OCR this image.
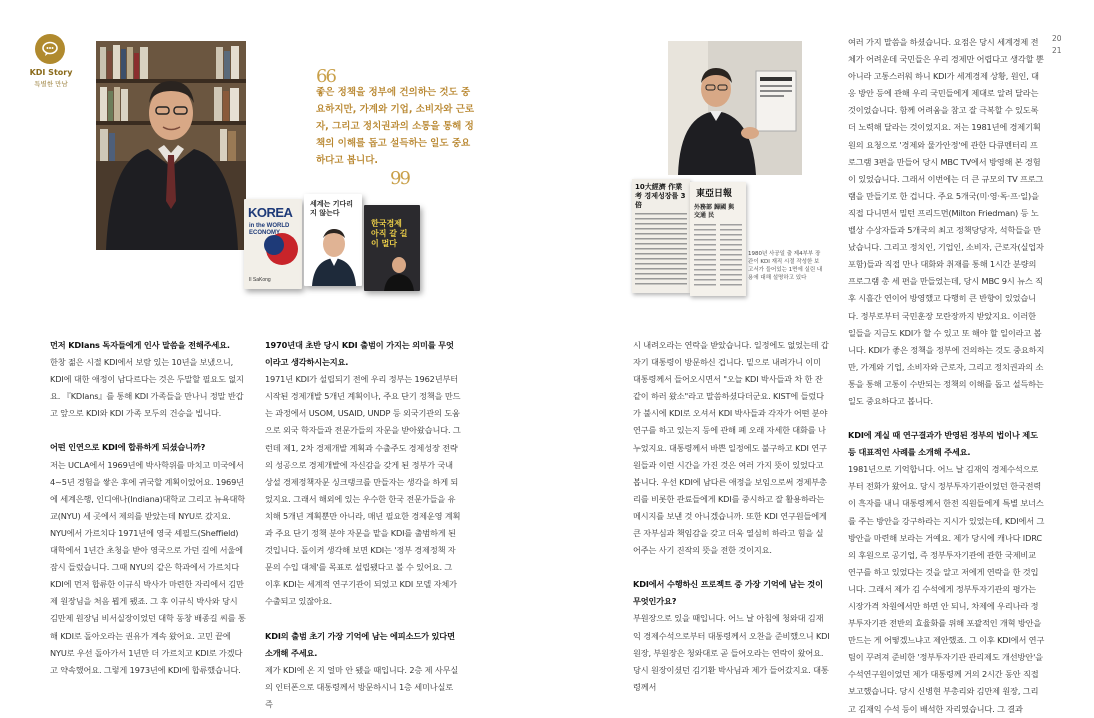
KDI Story
특별한 만남
20
21
66
좋은 정책을 정부에 건의하는 것도 중요하지만, 가계와 기업, 소비자와 근로자, 그리고 정치권과의 소통을 통해 정책의 이해를 돕고 설득하는 일도 중요하다고 봅니다.
99
KOREA
in the WORLD ECONOMY
Il SaKong
세계는 기다리지 않는다
한국경제 아직 갈 길이 멀다
10大經濟 作業 考 경제성장률 3倍
東亞日報
外務部 歸國 與 交通 民
1980년 사공일 출 제4부부 장관이 KDI 재직 시절 작성한 보고서가 들어있는 1면에 실린 내용에 대해 설명하고 있다

먼저 KDIans 독자들에게 인사 말씀을 전해주세요.

한창 젊은 시절 KDI에서 보람 있는 10년을 보냈으니, KDI에 대한 애정이 남다르다는 것은 두말할 필요도 없지요. 『KDIans』를 통해 KDI 가족들을 만나니 정말 반갑고 앞으로 KDI와 KDI 가족 모두의 건승을 빕니다.

어떤 인연으로 KDI에 합류하게 되셨습니까?

저는 UCLA에서 1969년에 박사학위를 마치고 미국에서 4~5년 경험을 쌓은 후에 귀국할 계획이었어요. 1969년에 세계은행, 인디애나(Indiana)대학교 그리고 뉴욕대학교(NYU) 세 곳에서 제의를 받았는데 NYU로 갔지요. NYU에서 가르치다 1971년에 영국 셰필드(Sheffield)대학에서 1년간 초청을 받아 영국으로 가던 길에 서울에 잠시 들렀습니다. 그때 NYU의 같은 학과에서 가르치다 KDI에 먼저 합류한 이규식 박사가 마련한 자리에서 김만제 원장님을 처음 뵙게 됐죠. 그 후 이규식 박사와 당시 김만제 원장님 비서실장이었던 대학 동창 배종길 씨를 통해 KDI로 돌아오라는 권유가 계속 왔어요. 고민 끝에 NYU로 우선 돌아가서 1년만 더 가르치고 KDI로 가겠다고 약속했어요. 그렇게 1973년에 KDI에 합류했습니다.

1970년대 초반 당시 KDI 출범이 가지는 의미를 무엇이라고 생각하시는지요.

1971년 KDI가 설립되기 전에 우리 정부는 1962년부터 시작된 경제개발 5개년 계획이나, 주요 단기 정책을 만드는 과정에서 USOM, USAID, UNDP 등 외국기관의 도움으로 외국 학자들과 전문가들의 자문을 받아왔습니다. 그런데 제1, 2차 경제개발 계획과 수출주도 경제성장 전략의 성공으로 경제개발에 자신감을 갖게 된 정부가 국내 상설 경제정책자문 싱크탱크를 만들자는 생각을 하게 되었지요. 그래서 해외에 있는 우수한 한국 전문가들을 유치해 5개년 계획뿐만 아니라, 매년 필요한 경제운영 계획과 주요 단기 정책 분야 자문을 맡을 KDI를 출범하게 된 것입니다. 돌이켜 생각해 보면 KDI는 '정부 경제정책 자문의 수입 대체'를 목표로 설립됐다고 볼 수 있어요. 그 이후 KDI는 세계적 연구기관이 되었고 KDI 모델 자체가 수출되고 있잖아요.

KDI의 출범 초기 가장 기억에 남는 에피소드가 있다면 소개해 주세요.

제가 KDI에 온 지 얼마 안 됐을 때입니다. 2층 제 사무실의 인터폰으로 대통령께서 방문하시니 1층 세미나실로 즉

시 내려오라는 연락을 받았습니다. 일정에도 없었는데 갑자기 대통령이 방문하신 겁니다. 밑으로 내려가니 이미 대통령께서 들어오시면서 "오늘 KDI 박사들과 차 한 잔 같이 하러 왔소"라고 말씀하셨다더군요. KIST에 들렀다가 불시에 KDI로 오셔서 KDI 박사들과 각자가 어떤 분야 연구를 하고 있는지 등에 관해 폐 오래 자세한 대화를 나누었지요. 대통령께서 바쁜 일정에도 불구하고 KDI 연구원들과 이런 시간을 가진 것은 여러 가지 뜻이 있었다고 봅니다. 우선 KDI에 남다른 애정을 보임으로써 경제부총리를 비롯한 관료들에게 KDI를 중시하고 잘 활용하라는 메시지를 보낸 것 아니겠습니까. 또한 KDI 연구원들에게 큰 자부심과 책임감을 갖고 더욱 열심히 하라고 힘을 실어주는 사기 진작의 뜻을 전한 것이지요.

KDI에서 수행하신 프로젝트 중 가장 기억에 남는 것이 무엇인가요?

부원장으로 있을 때입니다. 어느 날 아침에 청와대 김재익 경제수석으로부터 대통령께서 오찬을 준비했으니 KDI 원장, 부원장은 청와대로 곧 들어오라는 연락이 왔어요. 당시 원장이셨던 김기환 박사님과 제가 들어갔지요. 대통령께서

여러 가지 말씀을 하셨습니다. 요점은 당시 세계경제 전체가 어려운데 국민들은 우리 경제만 어렵다고 생각할 뿐 아니라 고통스러워 하니 KDI가 세계경제 상황, 원인, 대응 방안 등에 관해 우리 국민들에게 제대로 알려 달라는 것이었습니다. 함께 어려움을 참고 잘 극복할 수 있도록 더 노력해 달라는 것이었지요. 저는 1981년에 경제기획원의 요청으로 '경제와 물가안정'에 관한 다큐멘터리 프로그램 3편을 만들어 당시 MBC TV에서 방영해 본 경험이 있었습니다. 그래서 이번에는 더 큰 규모의 TV 프로그램을 만들기로 한 겁니다. 주요 5개국(미·영·독·프·일)을 직접 다니면서 밀턴 프리드먼(Milton Friedman) 등 노벨상 수상자들과 5개국의 최고 정책당당자, 석학들을 만났습니다. 그리고 정치인, 기업인, 소비자, 근로자(실업자 포함)들과 직접 만나 대화와 취재를 통해 1시간 분량의 프로그램 총 세 편을 만들었는데, 당시 MBC 9시 뉴스 직후 시흘간 연이어 방영했고 다행히 큰 반향이 있었습니다. 정부로부터 국민훈장 모란장까지 받았지요. 이러한 일들을 지금도 KDI가 할 수 있고 또 해야 할 일이라고 봅니다. KDI가 좋은 정책을 정부에 건의하는 것도 중요하지만, 가계와 기업, 소비자와 근로자, 그리고 정치권과의 소통을 통해 고통이 수반되는 정책의 이해를 돕고 설득하는 일도 중요하다고 봅니다.

KDI에 계실 때 연구결과가 반영된 정부의 법이나 제도 등 대표적인 사례를 소개해 주세요.

1981년으로 기억합니다. 어느 날 김재익 경제수석으로부터 전화가 왔어요. 당시 정부투자기관이었던 한국전력이 흑자를 내니 대통령께서 한전 직원들에게 특별 보너스를 주는 방안을 강구하라는 지시가 있었는데, KDI에서 그 방안을 마련해 보라는 거예요. 제가 당시에 캐나다 IDRC의 후원으로 공기업, 즉 정부투자기관에 관한 국제비교 연구를 하고 있었다는 것을 알고 저에게 연락을 한 것입니다. 그래서 제가 김 수석에게 정부투자기관의 평가는 시장가격 차원에서만 하면 안 되니, 차제에 우리나라 정부투자기관 전반의 효율화를 위해 포괄적인 개혁 방안을 만드는 게 어떻겠느냐고 제안했죠. 그 이후 KDI에서 연구팀이 꾸려져 준비한 '정부투자기관 관리제도 개선방안'을 수석연구원이었던 제가 대통령께 거의 2시간 동안 직접 보고했습니다. 당시 신병현 부총리와 김만제 원장, 그리고 김재익 수석 등이 배석한 자리였습니다. 그 결과
